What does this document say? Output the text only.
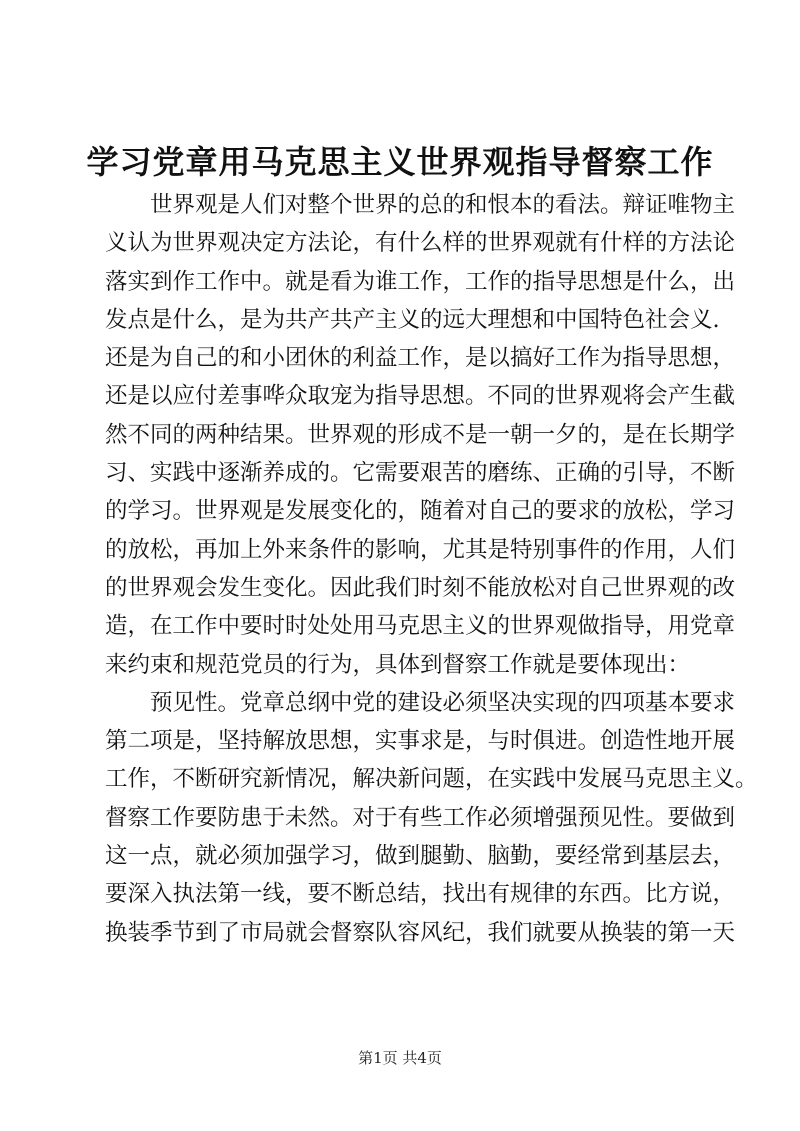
学习党章用马克思主义世界观指导督察工作
世界观是人们对整个世界的总的和恨本的看法。辩证唯物主
义认为世界观决定方法论，有什么样的世界观就有什样的方法论
落实到作工作中。就是看为谁工作，工作的指导思想是什么，出
发点是什么，是为共产共产主义的远大理想和中国特色社会义.
还是为自己的和小团休的利益工作，是以搞好工作为指导思想，
还是以应付差事哗众取宠为指导思想。不同的世界观将会产生截
然不同的两种结果。世界观的形成不是一朝一夕的，是在长期学
习、实践中逐渐养成的。它需要艰苦的磨练、正确的引导，不断
的学习。世界观是发展变化的，随着对自己的要求的放松，学习
的放松，再加上外来条件的影响，尤其是特别事件的作用，人们
的世界观会发生变化。因此我们时刻不能放松对自己世界观的改
造，在工作中要时时处处用马克思主义的世界观做指导，用党章
来约束和规范党员的行为，具体到督察工作就是要体现出：
预见性。党章总纲中党的建设必须坚决实现的四项基本要求
第二项是，坚持解放思想，实事求是，与时俱进。创造性地开展
工作，不断研究新情况，解决新问题，在实践中发展马克思主义。
督察工作要防患于未然。对于有些工作必须增强预见性。要做到
这一点，就必须加强学习，做到腿勤、脑勤，要经常到基层去，
要深入执法第一线，要不断总结，找出有规律的东西。比方说，
换装季节到了市局就会督察队容风纪，我们就要从换装的第一天
第1页 共4页
